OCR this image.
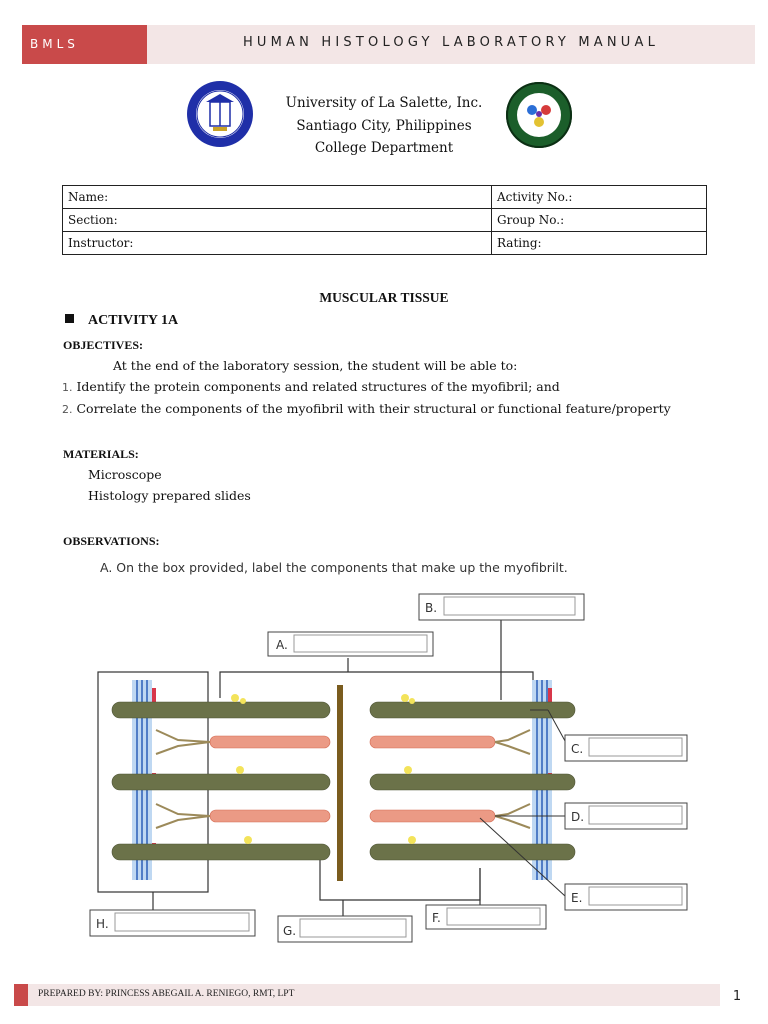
BMLS	HUMAN HISTOLOGY LABORATORY MANUAL
University of La Salette, Inc.
Santiago City, Philippines
College Department
Name:	Activity No.:
Section:	Group No.:
Instructor:	Rating:
MUSCULAR TISSUE
ACTIVITY 1A
OBJECTIVES:
At the end of the laboratory session, the student will be able to:
1. Identify the protein components and related structures of the myofibril; and
2. Correlate the components of the myofibril with their structural or functional feature/property
MATERIALS:
Microscope
Histology prepared slides
OBSERVATIONS:
A. On the box provided, label the components that make up the myofibrilt.
A.
B.
C.
D.
E.
F.
G.
H.
PREPARED BY: PRINCESS ABEGAIL A. RENIEGO, RMT, LPT	1
